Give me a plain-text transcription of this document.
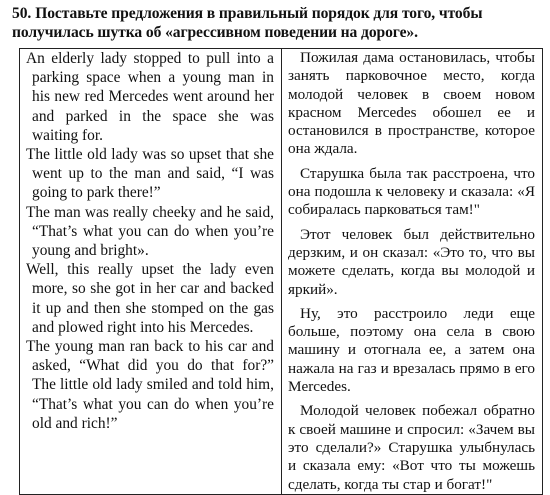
50. Поставьте предложения в правильный порядок для того, чтобы получилась шутка об «агрессивном поведении на дороге».

An elderly lady stopped to pull into a parking space when a young man in his new red Mercedes went around her and parked in the space she was waiting for.

The little old lady was so upset that she went up to the man and said, “I was going to park there!”

The man was really cheeky and he said, “That’s what you can do when you’re young and bright».

Well, this really upset the lady even more, so she got in her car and backed it up and then she stomped on the gas and plowed right into his Mercedes.

The young man ran back to his car and asked, “What did you do that for?” The little old lady smiled and told him, “That’s what you can do when you’re old and rich!”

Пожилая дама остановилась, чтобы занять парковочное место, когда молодой человек в своем новом красном Mercedes обошел ее и остановился в пространстве, которое она ждала.

Старушка была так расстроена, что она подошла к человеку и сказала: «Я собиралась парковаться там!"

Этот человек был действительно дерзким, и он сказал: «Это то, что вы можете сделать, когда вы молодой и яркий».

Ну, это расстроило леди еще больше, поэтому она села в свою машину и отогнала ее, а затем она нажала на газ и врезалась прямо в его Mercedes.

Молодой человек побежал обратно к своей машине и спросил: «Зачем вы это сделали?» Старушка улыбнулась и сказала ему: «Вот что ты можешь сделать, когда ты стар и богат!"
